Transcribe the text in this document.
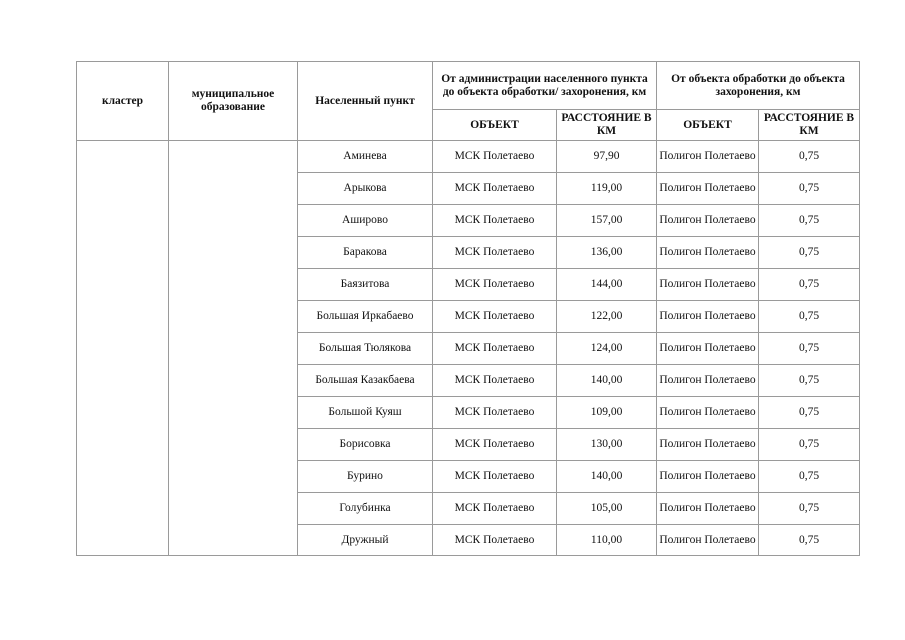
кластер	муниципальное образование	Населенный пункт	От администрации населенного пункта до объекта обработки/ захоронения, км		От объекта обработки до объекта захоронения, км	
			ОБЪЕКТ	РАССТОЯНИЕ В КМ	ОБЪЕКТ	РАССТОЯНИЕ В КМ
		Аминева	МСК Полетаево	97,90	Полигон Полетаево	0,75
		Арыкова	МСК Полетаево	119,00	Полигон Полетаево	0,75
		Аширово	МСК Полетаево	157,00	Полигон Полетаево	0,75
		Баракова	МСК Полетаево	136,00	Полигон Полетаево	0,75
		Баязитова	МСК Полетаево	144,00	Полигон Полетаево	0,75
		Большая Иркабаево	МСК Полетаево	122,00	Полигон Полетаево	0,75
		Большая Тюлякова	МСК Полетаево	124,00	Полигон Полетаево	0,75
		Большая Казакбаева	МСК Полетаево	140,00	Полигон Полетаево	0,75
		Большой Куяш	МСК Полетаево	109,00	Полигон Полетаево	0,75
		Борисовка	МСК Полетаево	130,00	Полигон Полетаево	0,75
		Бурино	МСК Полетаево	140,00	Полигон Полетаево	0,75
		Голубинка	МСК Полетаево	105,00	Полигон Полетаево	0,75
		Дружный	МСК Полетаево	110,00	Полигон Полетаево	0,75
